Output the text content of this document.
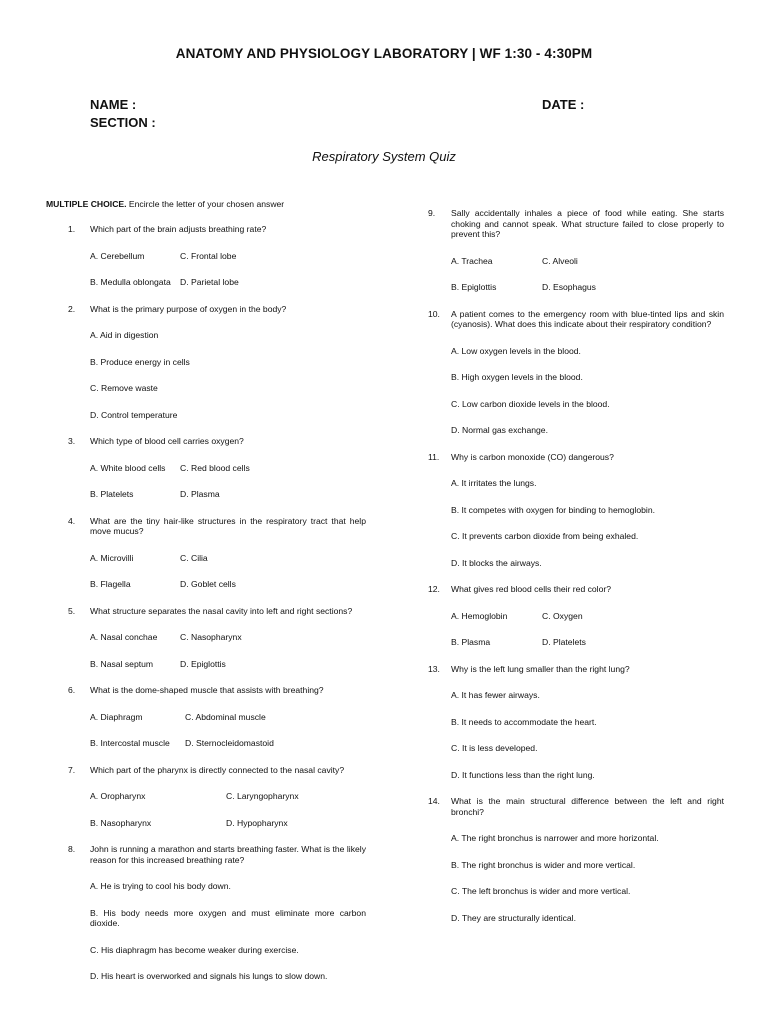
ANATOMY AND PHYSIOLOGY LABORATORY | WF 1:30 - 4:30PM
NAME :
SECTION :
DATE :
Respiratory System Quiz
MULTIPLE CHOICE. Encircle the letter of your chosen answer
1.	Which part of the brain adjusts breathing rate?
A. Cerebellum	C. Frontal lobe
B. Medulla oblongata	D. Parietal lobe
2.	What is the primary purpose of oxygen in the body?
A. Aid in digestion
B. Produce energy in cells
C. Remove waste
D. Control temperature
3.	Which type of blood cell carries oxygen?
A. White blood cells	C. Red blood cells
B. Platelets	D. Plasma
4.	What are the tiny hair-like structures in the respiratory tract that help move mucus?
A. Microvilli	C. Cilia
B. Flagella	D. Goblet cells
5.	What structure separates the nasal cavity into left and right sections?
A. Nasal conchae	C. Nasopharynx
B. Nasal septum	D. Epiglottis
6.	What is the dome-shaped muscle that assists with breathing?
A. Diaphragm	C. Abdominal muscle
B. Intercostal muscle	D. Sternocleidomastoid
7.	Which part of the pharynx is directly connected to the nasal cavity?
A. Oropharynx	C. Laryngopharynx
B. Nasopharynx	D. Hypopharynx
8.	John is running a marathon and starts breathing faster. What is the likely reason for this increased breathing rate?
A. He is trying to cool his body down.
B. His body needs more oxygen and must eliminate more carbon dioxide.
C. His diaphragm has become weaker during exercise.
D. His heart is overworked and signals his lungs to slow down.
9.	Sally accidentally inhales a piece of food while eating. She starts choking and cannot speak. What structure failed to close properly to prevent this?
A. Trachea	C. Alveoli
B. Epiglottis	D. Esophagus
10.	A patient comes to the emergency room with blue-tinted lips and skin (cyanosis). What does this indicate about their respiratory condition?
A. Low oxygen levels in the blood.
B. High oxygen levels in the blood.
C. Low carbon dioxide levels in the blood.
D. Normal gas exchange.
11.	Why is carbon monoxide (CO) dangerous?
A. It irritates the lungs.
B. It competes with oxygen for binding to hemoglobin.
C. It prevents carbon dioxide from being exhaled.
D. It blocks the airways.
12.	What gives red blood cells their red color?
A. Hemoglobin	C. Oxygen
B. Plasma	D. Platelets
13.	Why is the left lung smaller than the right lung?
A. It has fewer airways.
B. It needs to accommodate the heart.
C. It is less developed.
D. It functions less than the right lung.
14.	What is the main structural difference between the left and right bronchi?
A. The right bronchus is narrower and more horizontal.
B. The right bronchus is wider and more vertical.
C. The left bronchus is wider and more vertical.
D. They are structurally identical.
